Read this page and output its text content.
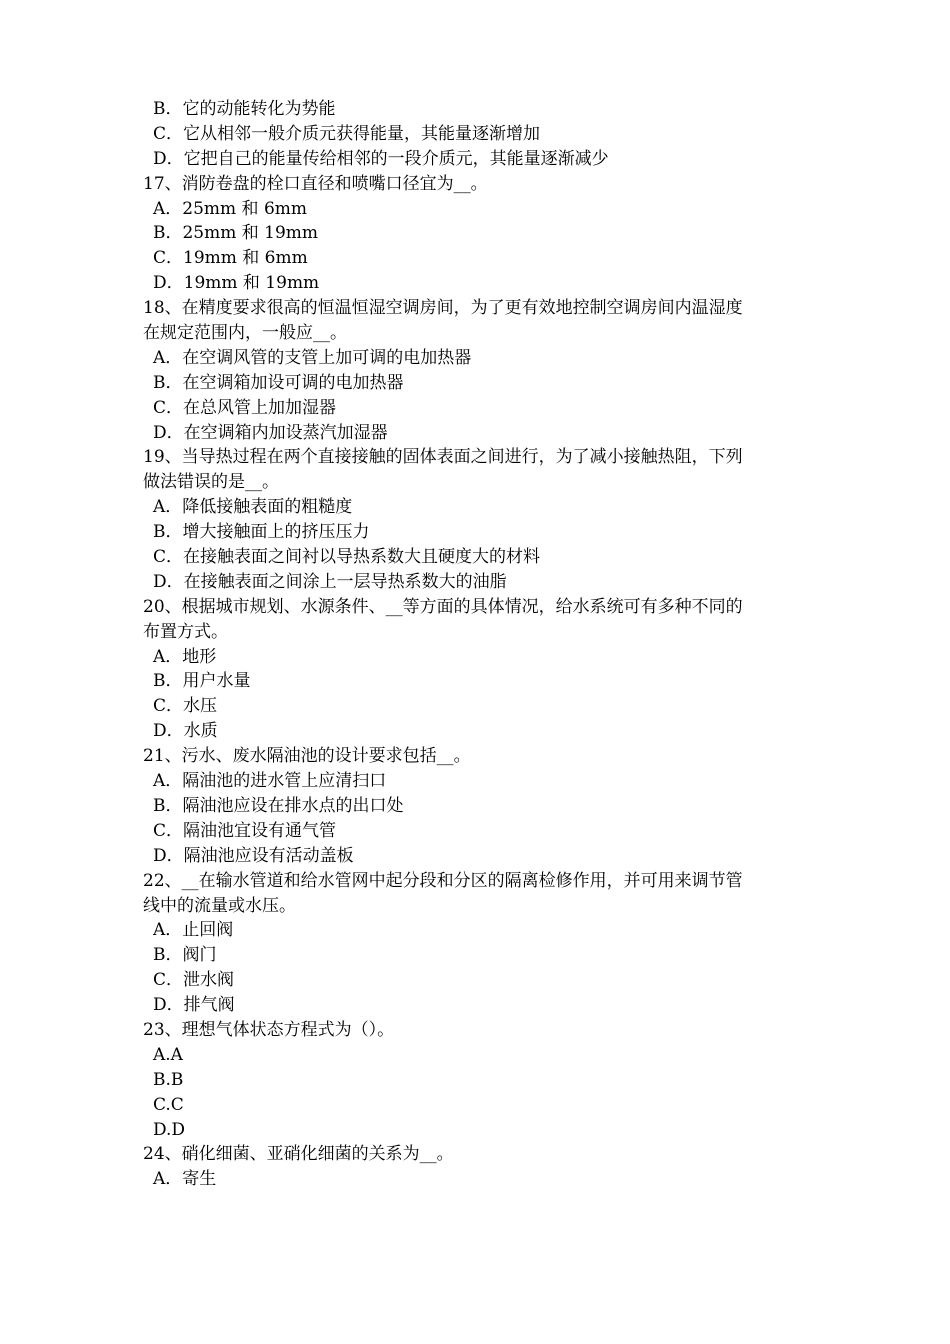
B．它的动能转化为势能
C．它从相邻一般介质元获得能量，其能量逐渐增加
D．它把自己的能量传给相邻的一段介质元，其能量逐渐减少
17、消防卷盘的栓口直径和喷嘴口径宜为__。
A．25mm 和 6mm
B．25mm 和 19mm
C．19mm 和 6mm
D．19mm 和 19mm
18、在精度要求很高的恒温恒湿空调房间，为了更有效地控制空调房间内温湿度
在规定范围内，一般应__。
A．在空调风管的支管上加可调的电加热器
B．在空调箱加设可调的电加热器
C．在总风管上加加湿器
D．在空调箱内加设蒸汽加湿器
19、当导热过程在两个直接接触的固体表面之间进行，为了减小接触热阻，下列
做法错误的是__。
A．降低接触表面的粗糙度
B．增大接触面上的挤压压力
C．在接触表面之间衬以导热系数大且硬度大的材料
D．在接触表面之间涂上一层导热系数大的油脂
20、根据城市规划、水源条件、__等方面的具体情况，给水系统可有多种不同的
布置方式。
A．地形
B．用户水量
C．水压
D．水质
21、污水、废水隔油池的设计要求包括__。
A．隔油池的进水管上应清扫口
B．隔油池应设在排水点的出口处
C．隔油池宜设有通气管
D．隔油池应设有活动盖板
22、__在输水管道和给水管网中起分段和分区的隔离检修作用，并可用来调节管
线中的流量或水压。
A．止回阀
B．阀门
C．泄水阀
D．排气阀
23、理想气体状态方程式为（）。
A.A
B.B
C.C
D.D
24、硝化细菌、亚硝化细菌的关系为__。
A．寄生
